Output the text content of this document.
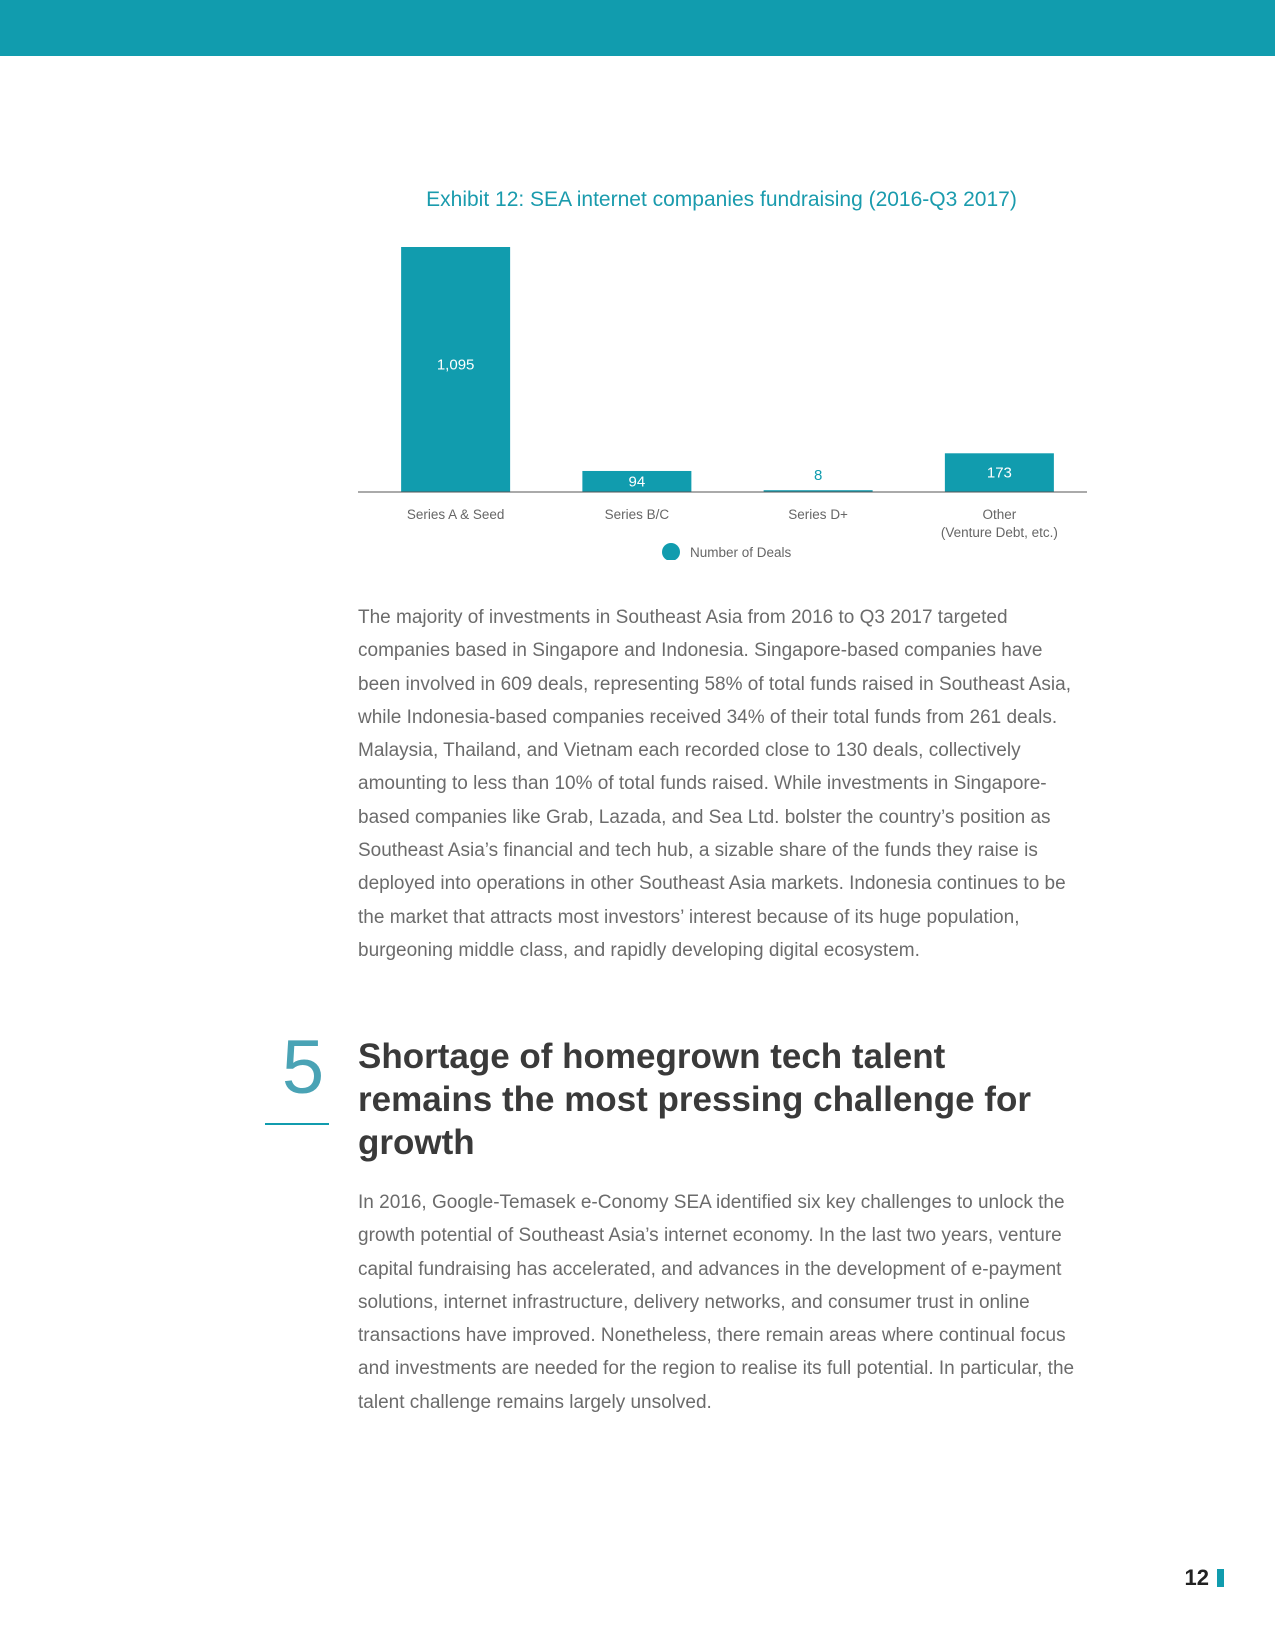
Exhibit 12: SEA internet companies fundraising (2016-Q3 2017)
1,095
Series A & Seed
94
Series B/C
8
Series D+
173
Other
(Venture Debt, etc.)
Number of Deals

The majority of investments in Southeast Asia from 2016 to Q3 2017 targeted companies based in Singapore and Indonesia. Singapore-based companies have been involved in 609 deals, representing 58% of total funds raised in Southeast Asia, while Indonesia-based companies received 34% of their total funds from 261 deals. Malaysia, Thailand, and Vietnam each recorded close to 130 deals, collectively amounting to less than 10% of total funds raised. While investments in Singapore-based companies like Grab, Lazada, and Sea Ltd. bolster the country’s position as Southeast Asia’s financial and tech hub, a sizable share of the funds they raise is deployed into operations in other Southeast Asia markets. Indonesia continues to be the market that attracts most investors’ interest because of its huge population, burgeoning middle class, and rapidly developing digital ecosystem.

5 Shortage of homegrown tech talent remains the most pressing challenge for growth

In 2016, Google-Temasek e-Conomy SEA identified six key challenges to unlock the growth potential of Southeast Asia’s internet economy. In the last two years, venture capital fundraising has accelerated, and advances in the development of e-payment solutions, internet infrastructure, delivery networks, and consumer trust in online transactions have improved. Nonetheless, there remain areas where continual focus and investments are needed for the region to realise its full potential. In particular, the talent challenge remains largely unsolved.

12
